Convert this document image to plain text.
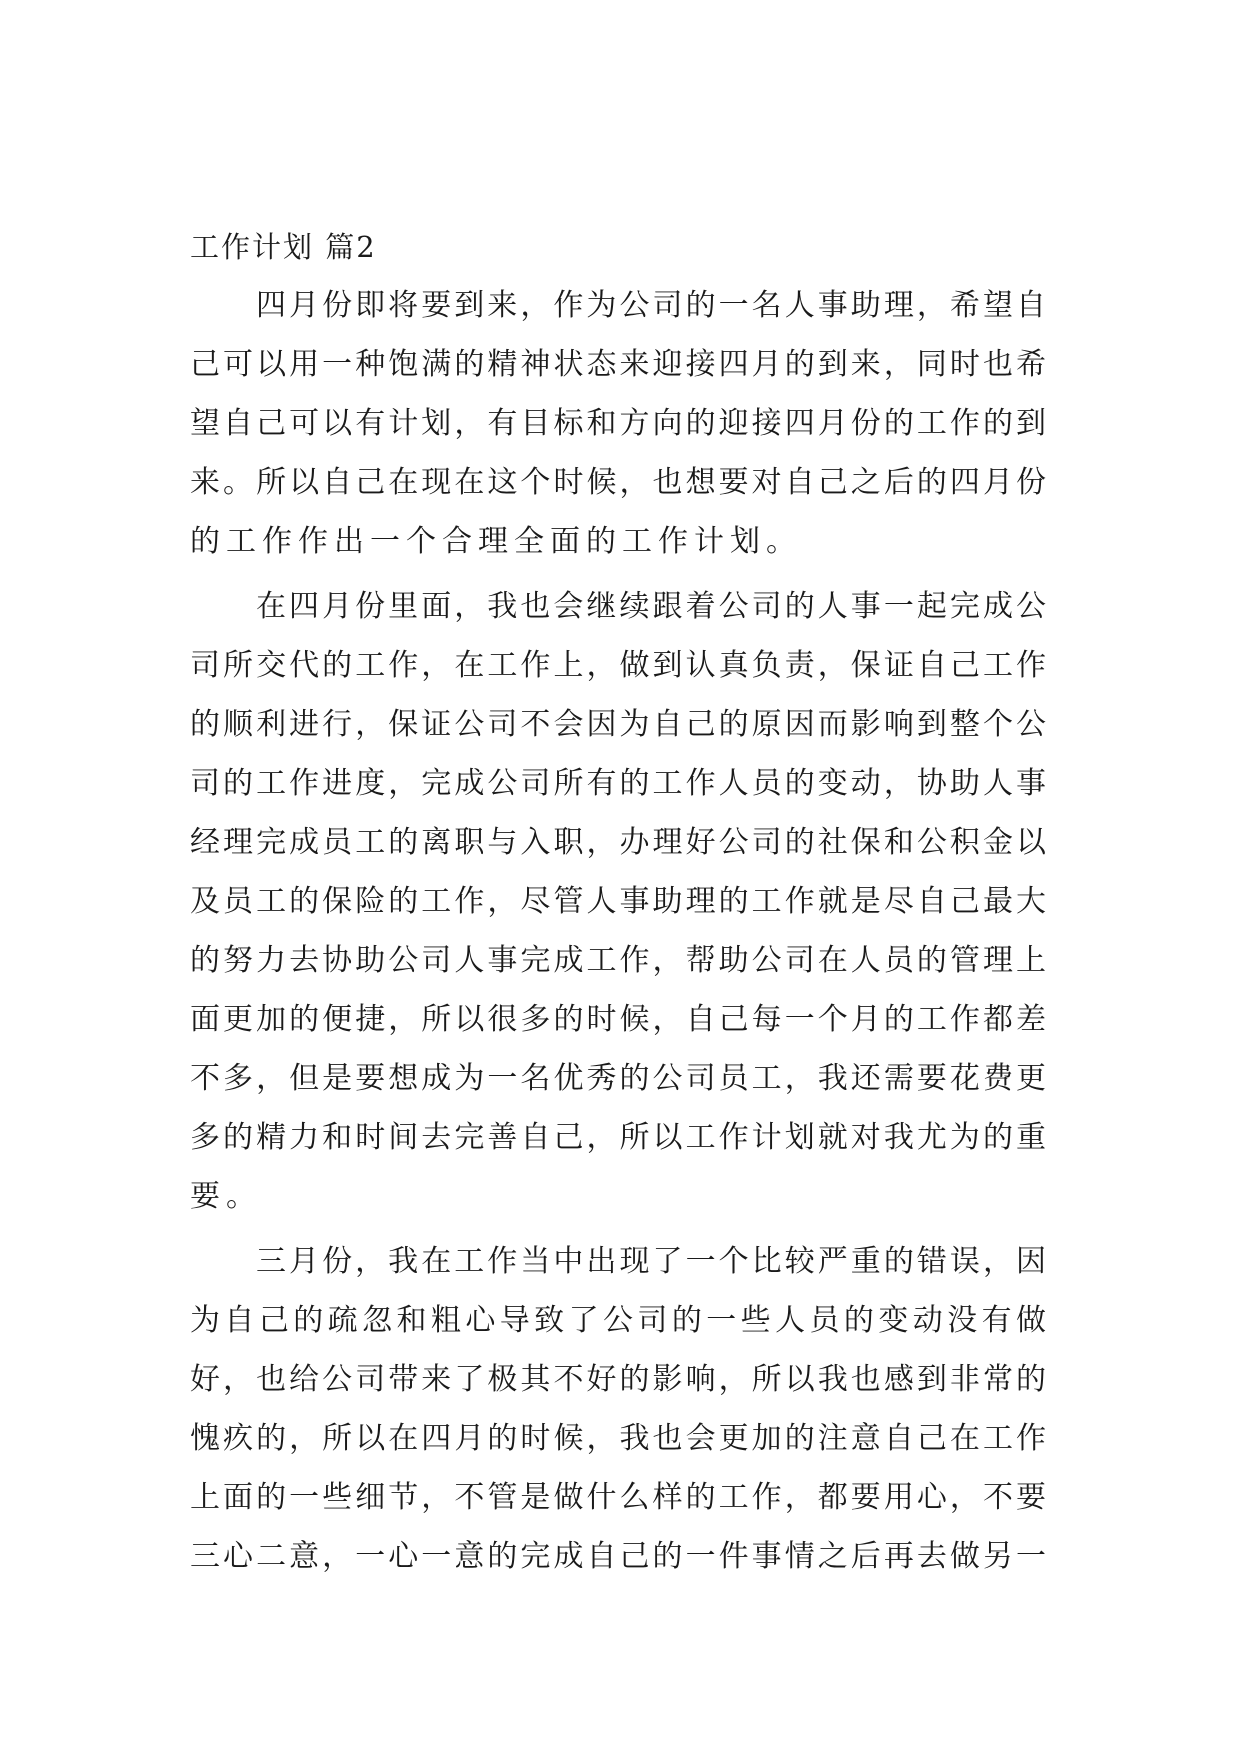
工作计划 篇2
四月份即将要到来，作为公司的一名人事助理，希望自
己可以用一种饱满的精神状态来迎接四月的到来，同时也希
望自己可以有计划，有目标和方向的迎接四月份的工作的到
来。所以自己在现在这个时候，也想要对自己之后的四月份
的工作作出一个合理全面的工作计划。
在四月份里面，我也会继续跟着公司的人事一起完成公
司所交代的工作，在工作上，做到认真负责，保证自己工作
的顺利进行，保证公司不会因为自己的原因而影响到整个公
司的工作进度，完成公司所有的工作人员的变动，协助人事
经理完成员工的离职与入职，办理好公司的社保和公积金以
及员工的保险的工作，尽管人事助理的工作就是尽自己最大
的努力去协助公司人事完成工作，帮助公司在人员的管理上
面更加的便捷，所以很多的时候，自己每一个月的工作都差
不多，但是要想成为一名优秀的公司员工，我还需要花费更
多的精力和时间去完善自己，所以工作计划就对我尤为的重
要。
三月份，我在工作当中出现了一个比较严重的错误，因
为自己的疏忽和粗心导致了公司的一些人员的变动没有做
好，也给公司带来了极其不好的影响，所以我也感到非常的
愧疚的，所以在四月的时候，我也会更加的注意自己在工作
上面的一些细节，不管是做什么样的工作，都要用心，不要
三心二意，一心一意的完成自己的一件事情之后再去做另一
